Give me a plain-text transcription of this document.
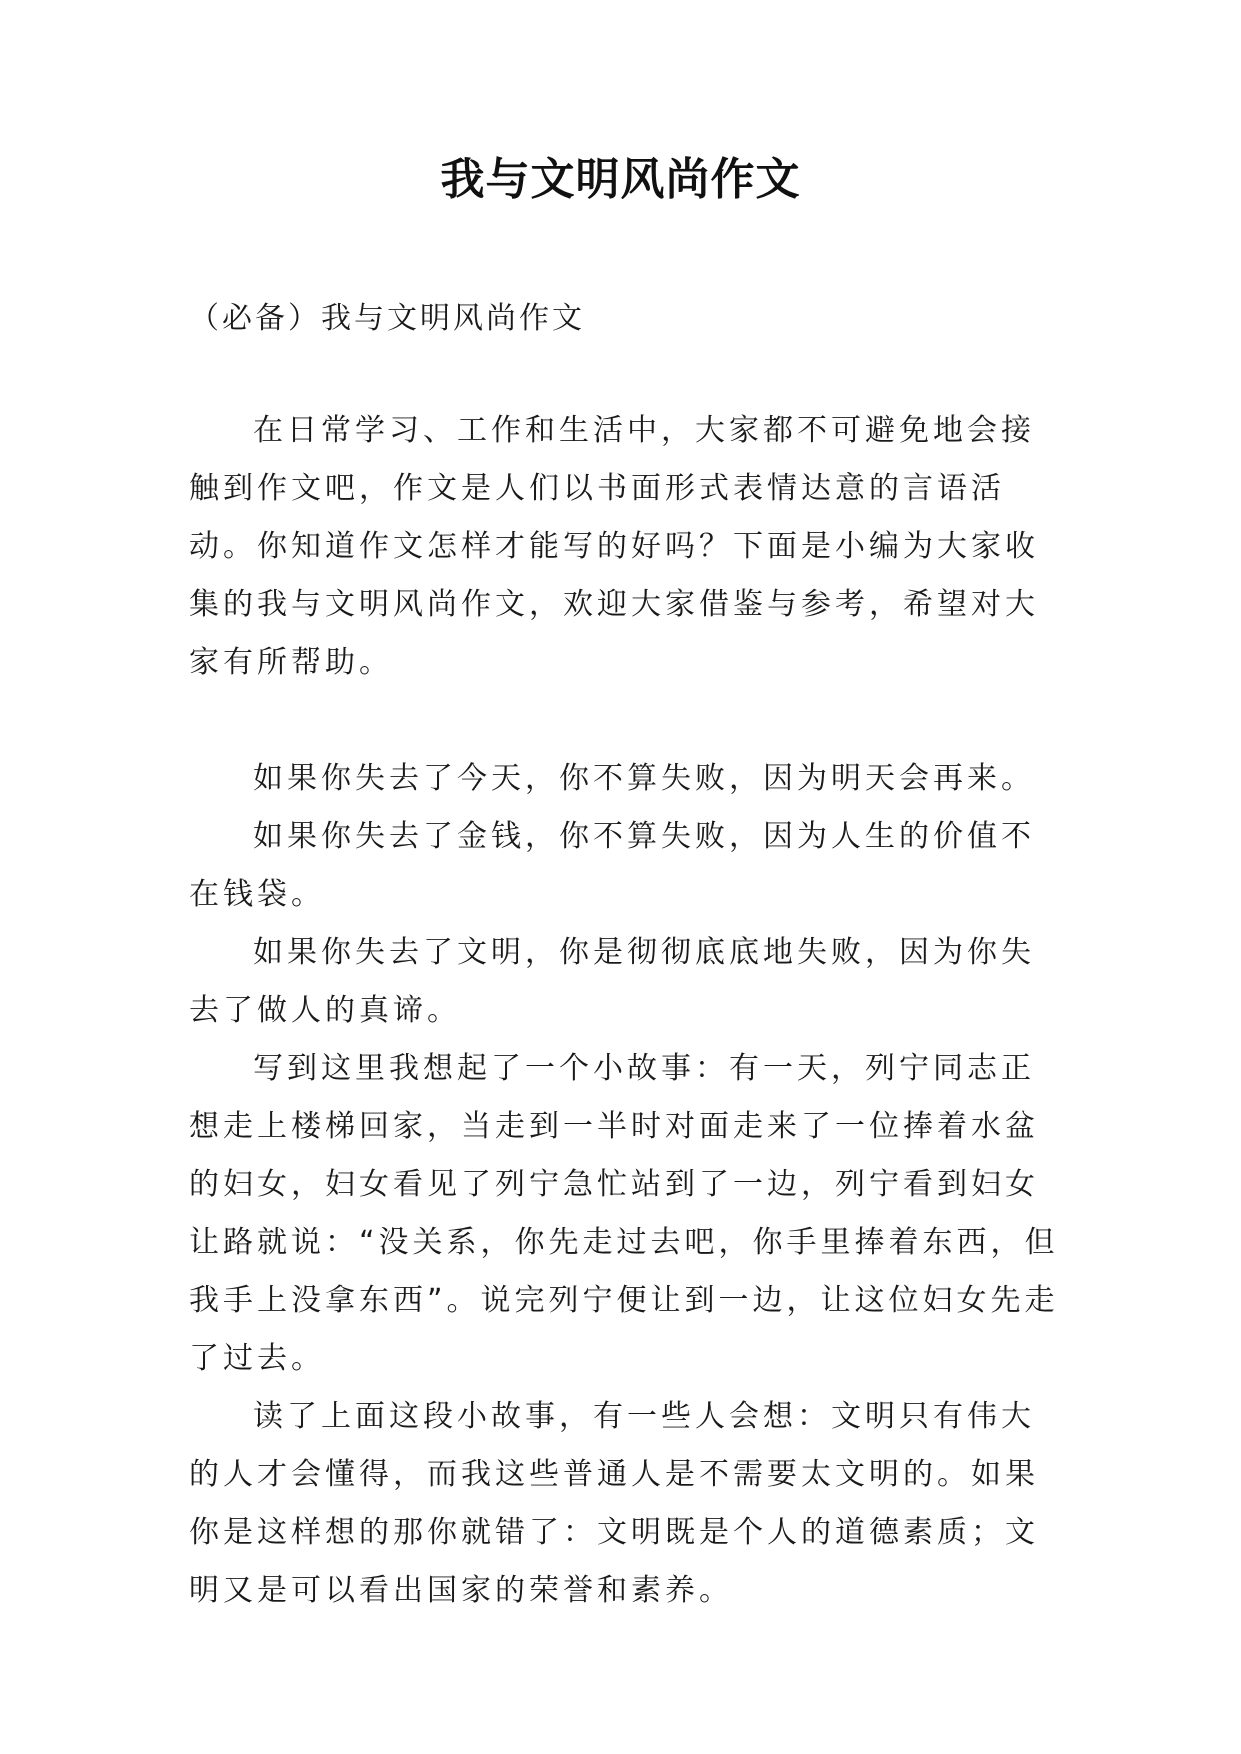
我与文明风尚作文
（必备）我与文明风尚作文

在日常学习、工作和生活中，大家都不可避免地会接触到作文吧，作文是人们以书面形式表情达意的言语活动。你知道作文怎样才能写的好吗？下面是小编为大家收集的我与文明风尚作文，欢迎大家借鉴与参考，希望对大家有所帮助。

如果你失去了今天，你不算失败，因为明天会再来。

如果你失去了金钱，你不算失败，因为人生的价值不在钱袋。

如果你失去了文明，你是彻彻底底地失败，因为你失去了做人的真谛。

写到这里我想起了一个小故事：有一天，列宁同志正想走上楼梯回家，当走到一半时对面走来了一位捧着水盆的妇女，妇女看见了列宁急忙站到了一边，列宁看到妇女让路就说：“没关系，你先走过去吧，你手里捧着东西，但我手上没拿东西”。说完列宁便让到一边，让这位妇女先走了过去。

读了上面这段小故事，有一些人会想：文明只有伟大的人才会懂得，而我这些普通人是不需要太文明的。如果你是这样想的那你就错了：文明既是个人的道德素质；文明又是可以看出国家的荣誉和素养。
